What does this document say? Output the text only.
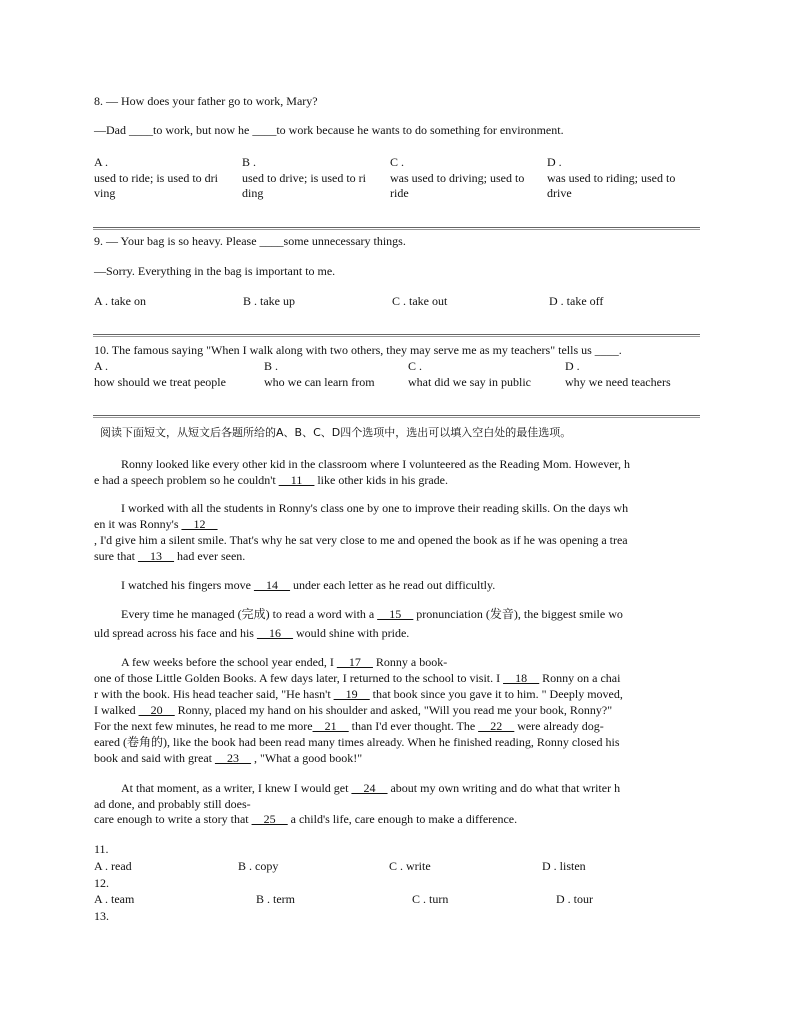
8. — How does your father go to work, Mary?
—Dad ____to work, but now he ____to work because he wants to do something for environment.
A .
used to ride; is used to dri
ving
B .
used to drive; is used to ri
ding
C .
was used to driving; used to
ride
D .
was used to riding; used to
drive
9. — Your bag is so heavy. Please ____some unnecessary things.
—Sorry. Everything in the bag is important to me.
A . take on	B . take up	C . take out	D . take off
10. The famous saying "When I walk along with two others, they may serve me as my teachers" tells us ____.
A .	B .	C .	D .
how should we treat people	who we can learn from	what did we say in public	why we need teachers
阅读下面短文，从短文后各题所给的A、B、C、D四个选项中，选出可以填入空白处的最佳选项。
Ronny looked like every other kid in the classroom where I volunteered as the Reading Mom. However, h
e had a speech problem so he couldn't __11__ like other kids in his grade.
I worked with all the students in Ronny's class one by one to improve their reading skills. On the days wh
en it was Ronny's __12__
, I'd give him a silent smile. That's why he sat very close to me and opened the book as if he was opening a trea
sure that __13__ had ever seen.
I watched his fingers move __14__ under each letter as he read out difficultly.
Every time he managed (完成) to read a word with a __15__ pronunciation (发音), the biggest smile wo
uld spread across his face and his __16__ would shine with pride.
A few weeks before the school year ended, I __17__ Ronny a book-
one of those Little Golden Books. A few days later, I returned to the school to visit. I __18__ Ronny on a chai
r with the book. His head teacher said, "He hasn't __19__ that book since you gave it to him. " Deeply moved,
I walked __20__ Ronny, placed my hand on his shoulder and asked, "Will you read me your book, Ronny?"
For the next few minutes, he read to me more__21__ than I'd ever thought. The __22__ were already dog-
eared (卷角的), like the book had been read many times already. When he finished reading, Ronny closed his
book and said with great __23__ , "What a good book!"
At that moment, as a writer, I knew I would get __24__ about my own writing and do what that writer h
ad done, and probably still does-
care enough to write a story that __25__ a child's life, care enough to make a difference.
11.
A . read	B . copy	C . write	D . listen
12.
A . team	B . term	C . turn	D . tour
13.
